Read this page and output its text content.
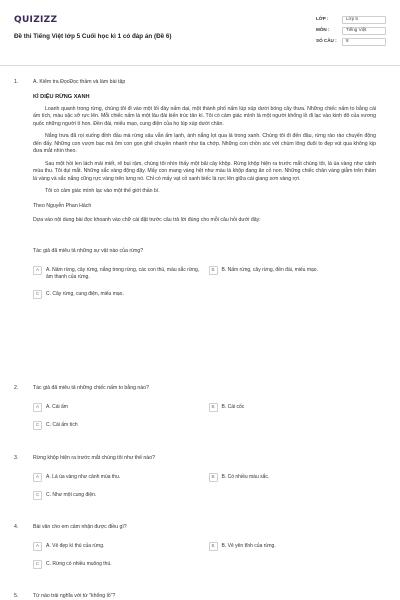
QUIZIZZ
Đề thi Tiếng Việt lớp 5 Cuối học kì 1 có đáp án (Đề 6)
LỚP :	Lớp 5
MÔN :	Tiếng Việt
SỐ CÂU :	8
1.	A. Kiểm tra ĐọcĐọc thầm và làm bài tập
KÌ DIỆU RỪNG XANH
Loanh quanh trong rừng, chúng tôi đi vào một lối đầy nấm dại, một thành phố nấm lúp xúp dưới bóng cây thưa. Những chiếc nấm to bằng cái ấm tích, màu sặc sỡ rực lên. Mỗi chiếc nấm là một lâu đài kiến trúc tân kì. Tôi có cảm giác mình là một người khổng lồ đi lạc vào kinh đô của vương quốc những người tí hon. Đền đài, miếu mạo, cung điện của họ lúp xúp dưới chân.
Nắng trưa đã rọi xuống đỉnh đầu mà rừng sâu vẫn ẩm lạnh, ánh nắng lọt qua lá trong xanh. Chúng tôi đi đến đâu, rừng rào rào chuyển động đến đấy. Những con vượn bạc má ôm con gọn ghẽ chuyền nhanh như tia chớp. Những con chồn sóc với chùm lông đuôi to đẹp vút qua không kịp đưa mắt nhìn theo.
Sau một hồi len lách mải miết, rẽ bụi rậm, chúng tôi nhìn thấy một bãi cây khộp. Rừng khộp hiện ra trước mắt chúng tôi, lá úa vàng như cảnh mùa thu. Tôi dụi mắt. Những sắc vàng động đậy. Mấy con mang vàng hệt như màu lá khộp đang ăn cỏ non. Những chiếc chân vàng giẫm trên thảm lá vàng và sắc nắng cũng rực vàng trên lưng nó. Chỉ có mấy vạt cỏ xanh biếc là rực lên giữa cái giang sơn vàng rợi.
Tôi có cảm giác mình lạc vào một thế giới thần bí.
Theo Nguyễn Phan Hách
Dựa vào nội dung bài đọc khoanh vào chữ cái đặt trước câu trả lời đúng cho mỗi câu hỏi dưới đây:
Tác giả đã miêu tả những sự vật nào của rừng?
A	A. Nấm rừng, cây rừng, nắng trong rừng, các con thú, màu sắc rừng, âm thanh của rừng.
B	B. Nấm rừng, cây rừng, đền đài, miếu mạo.
C	C. Cây rừng, cung điện, miếu mạo.
2.	Tác giả đã miêu tả những chiếc nấm to bằng nào?
A	A. Cái ấm	B	B. Cái cốc
C	C. Cái ấm tích
3.	Rừng khộp hiện ra trước mắt chúng tôi như thế nào?
A	A. Lá úa vàng như cảnh mùa thu.	B	B. Có nhiều màu sắc.
C	C. Như một cung điện.
4.	Bài văn cho em cảm nhận được điều gì?
A	A. Vẻ đẹp kì thú của rừng.	B	B. Vẻ yên tĩnh của rừng.
C	C. Rừng có nhiều muông thú.
5.	Từ nào trái nghĩa với từ "khổng lồ"?
